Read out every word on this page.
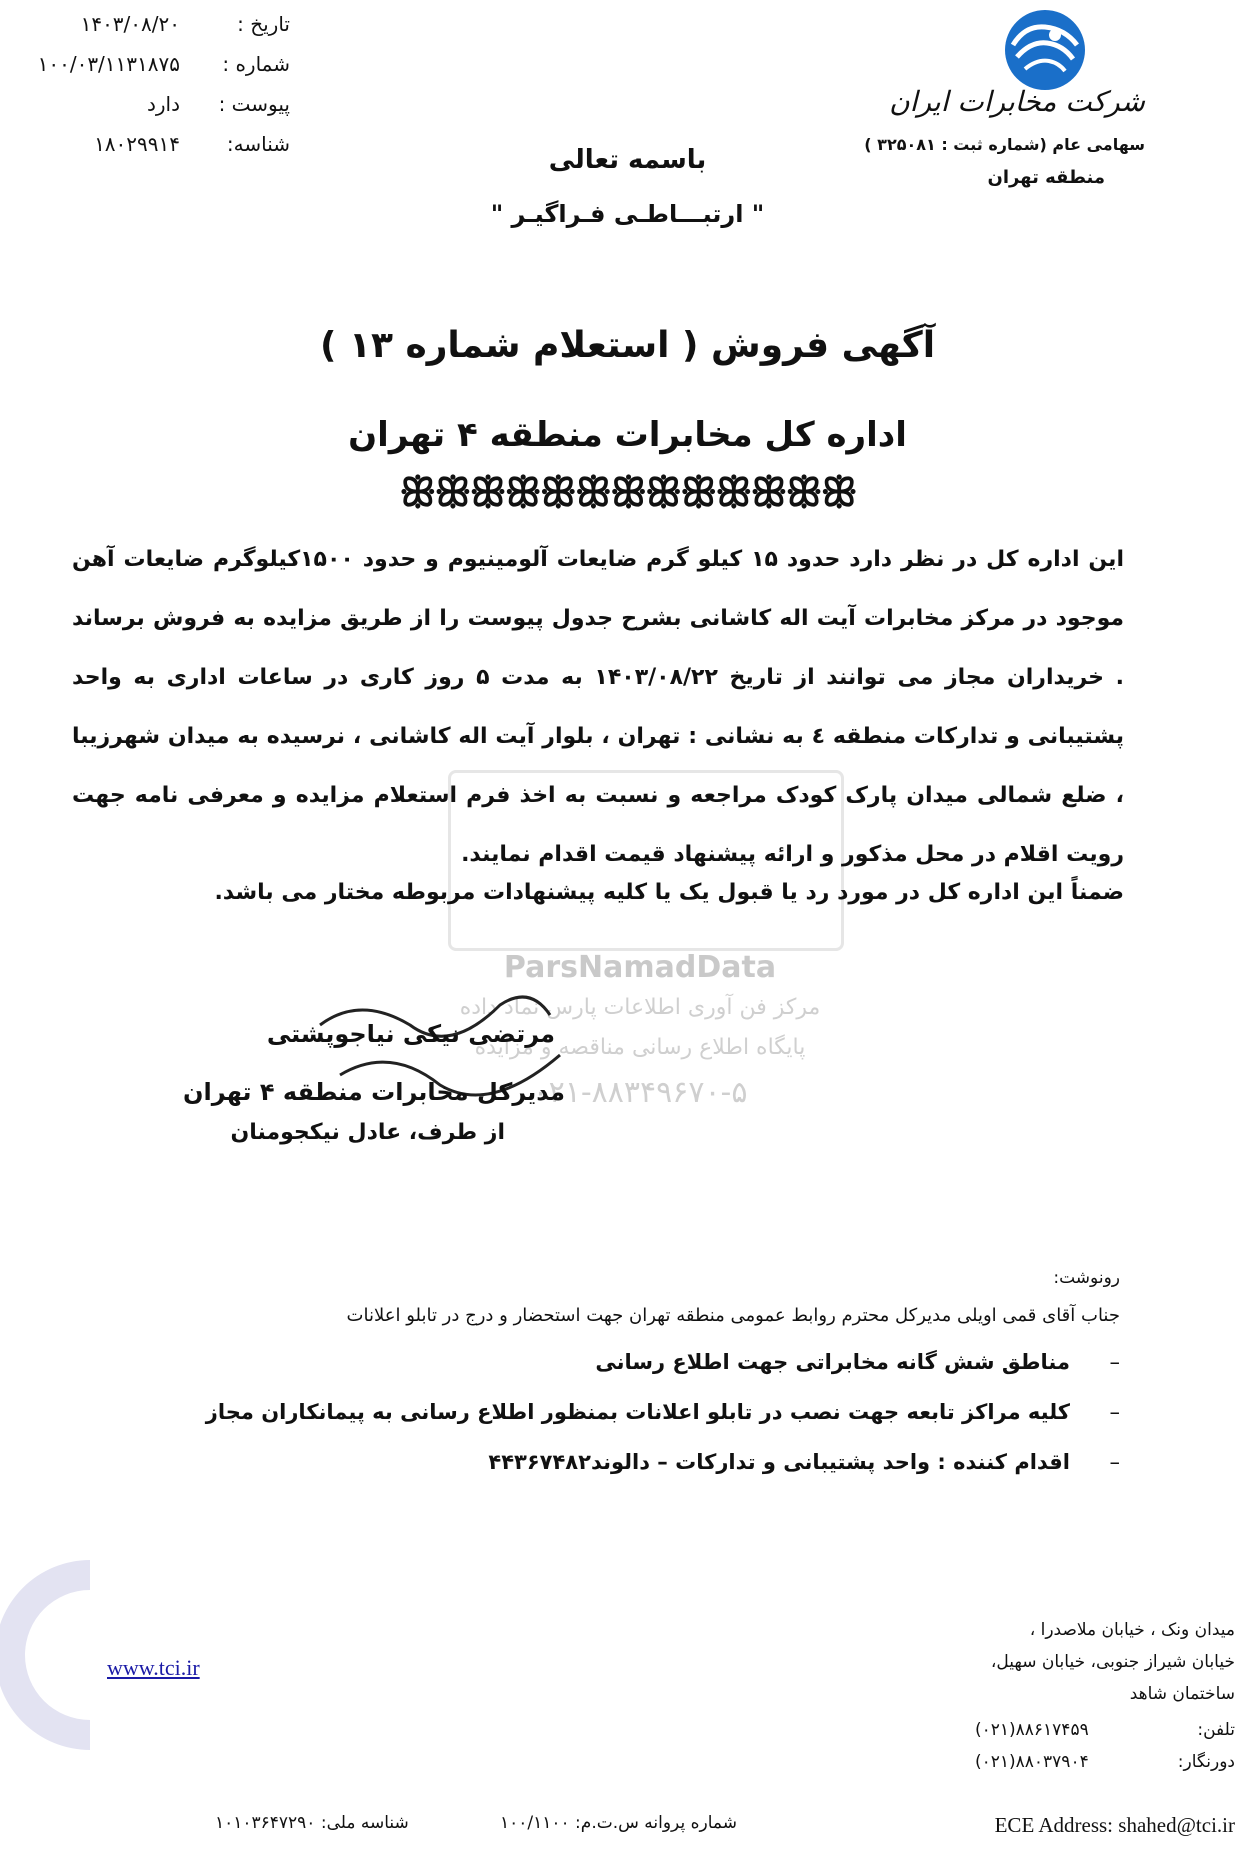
تاریخ :
۱۴۰۳/۰۸/۲۰
شماره :
۱۰۰/۰۳/۱۱۳۱۸۷۵
پیوست :
دارد
شناسه:
۱۸۰۲۹۹۱۴
شرکت مخابرات ایران
سهامی عام (شماره ثبت : ۳۲۵۰۸۱ )
منطقه تهران
باسمه تعالی
" ارتبـــاطـی فـراگیـر "
آگهی فروش ( استعلام شماره ۱۳ )
اداره کل مخابرات منطقه ۴ تهران
ꕥꕥꕥꕥꕥꕥꕥꕥꕥꕥꕥꕥꕥ
ParsNamadData
مرکز فن آوری اطلاعات پارس نماد داده
پایگاه اطلاع رسانی مناقصه و مزایده
۰۲۱-۸۸۳۴۹۶۷۰-۵

این اداره کل در نظر دارد حدود ۱۵ کیلو گرم ضایعات آلومینیوم و حدود ۱۵۰۰کیلوگرم ضایعات آهن موجود در مرکز مخابرات آیت اله کاشانی بشرح جدول پیوست را از طریق مزایده به فروش برساند . خریداران مجاز می توانند از تاریخ ۱۴۰۳/۰۸/۲۲ به مدت ۵ روز کاری در ساعات اداری به واحد پشتیبانی و تدارکات منطقه ٤ به نشانی : تهران ، بلوار آیت اله کاشانی ، نرسیده به میدان شهرزیبا ، ضلع شمالی میدان پارک کودک مراجعه و نسبت به اخذ فرم استعلام مزایده و معرفی نامه جهت رویت اقلام در محل مذکور و ارائه پیشنهاد قیمت اقدام نمایند.

ضمناً این اداره کل در مورد رد یا قبول یک یا کلیه پیشنهادات مربوطه مختار می باشد.
مرتضی نیکی نیاجوپشتی
مدیرکل مخابرات منطقه ۴ تهران
از طرف، عادل نیکجومنان
رونوشت:
جناب آقای قمی اویلی مدیرکل محترم روابط عمومی منطقه تهران جهت استحضار و درج در تابلو اعلانات
–
مناطق شش گانه مخابراتی جهت اطلاع رسانی
–
کلیه مراکز تابعه جهت نصب در تابلو اعلانات بمنظور اطلاع رسانی به پیمانکاران مجاز
–
اقدام کننده : واحد پشتیبانی و تدارکات – دالوند۴۴۳۶۷۴۸۲
www.tci.ir
میدان ونک ، خیابان ملاصدرا ،
خیابان شیراز جنوبی، خیابان سهیل،
ساختمان شاهد
تلفن:
(۰۲۱)۸۸۶۱۷۴۵۹
دورنگار:
(۰۲۱)۸۸۰۳۷۹۰۴
شناسه ملی: ۱۰۱۰۳۶۴۷۲۹۰	شماره پروانه س.ت.م: ۱۰۰/۱۱۰۰	ECE Address: shahed@tci.ir
